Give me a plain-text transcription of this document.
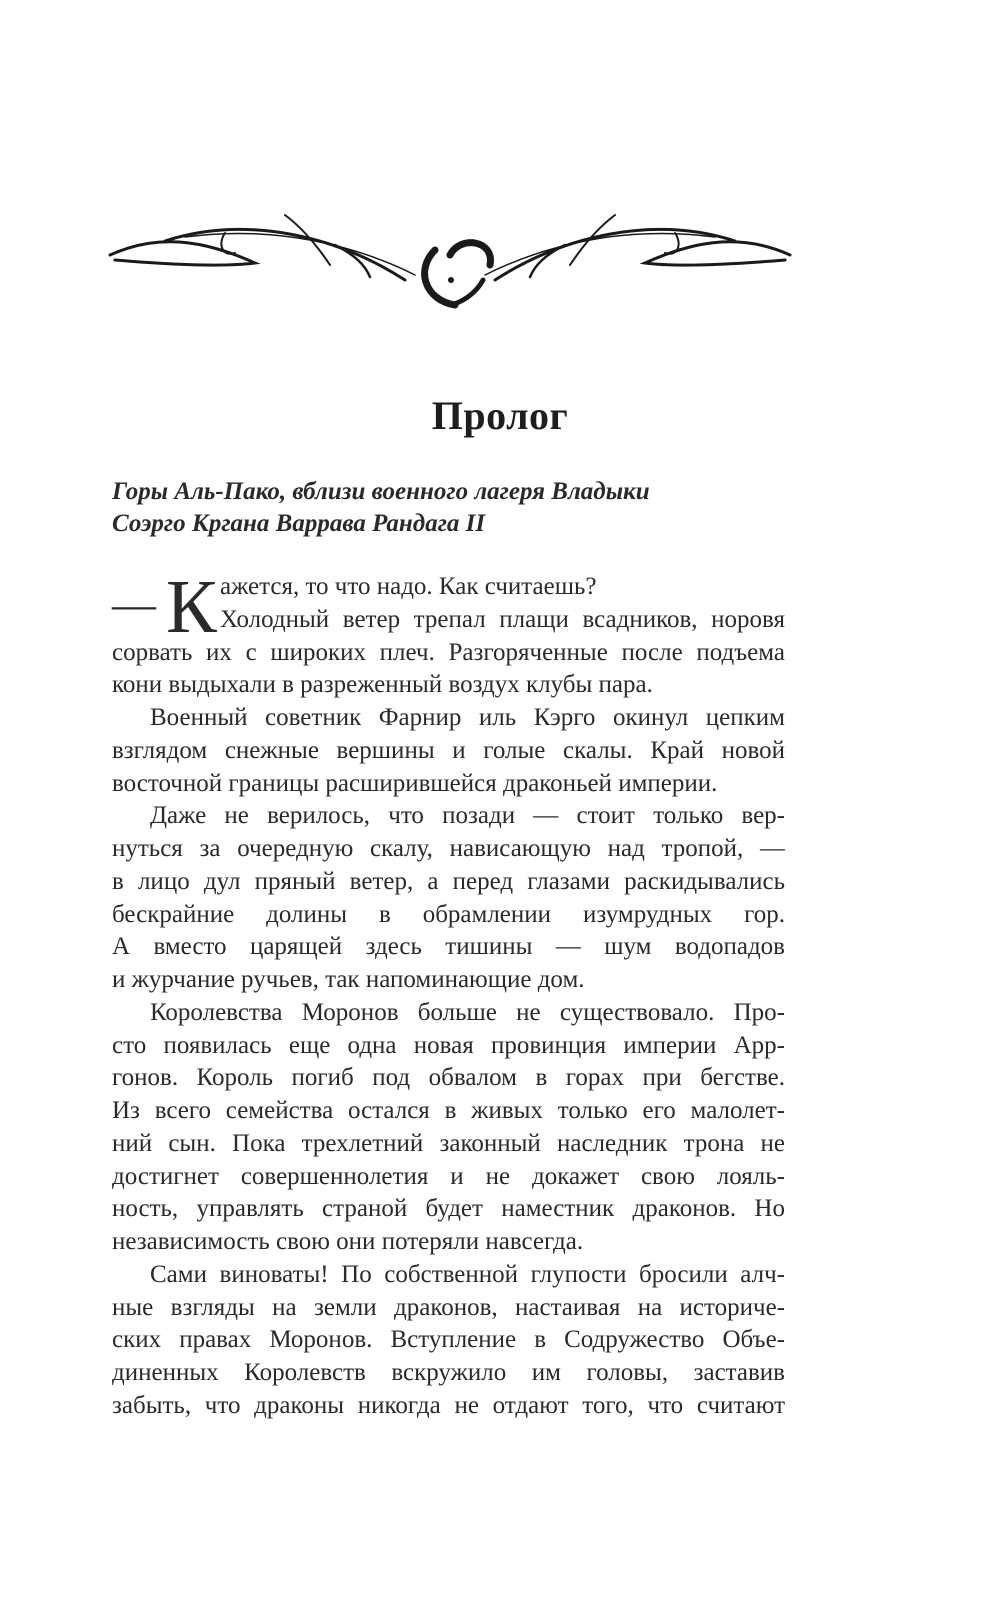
Пролог
Горы Аль-Пако, вблизи военного лагеря Владыки
Соэрго Кргана Варрава Рандага II
— К ажется, то что надо. Как считаешь?
Холодный ветер трепал плащи всадников, норовя
сорвать их с широких плеч. Разгоряченные после подъема
кони выдыхали в разреженный воздух клубы пара.
Военный советник Фарнир иль Кэрго окинул цепким
взглядом снежные вершины и голые скалы. Край новой
восточной границы расширившейся драконьей империи.
Даже не верилось, что позади — стоит только вер-
нуться за очередную скалу, нависающую над тропой, —
в лицо дул пряный ветер, а перед глазами раскидывались
бескрайние долины в обрамлении изумрудных гор.
А вместо царящей здесь тишины — шум водопадов
и журчание ручьев, так напоминающие дом.
Королевства Моронов больше не существовало. Про-
сто появилась еще одна новая провинция империи Арр-
гонов. Король погиб под обвалом в горах при бегстве.
Из всего семейства остался в живых только его малолет-
ний сын. Пока трехлетний законный наследник трона не
достигнет совершеннолетия и не докажет свою лояль-
ность, управлять страной будет наместник драконов. Но
независимость свою они потеряли навсегда.
Сами виноваты! По собственной глупости бросили алч-
ные взгляды на земли драконов, настаивая на историче-
ских правах Моронов. Вступление в Содружество Объе-
диненных Королевств вскружило им головы, заставив
забыть, что драконы никогда не отдают того, что считают
